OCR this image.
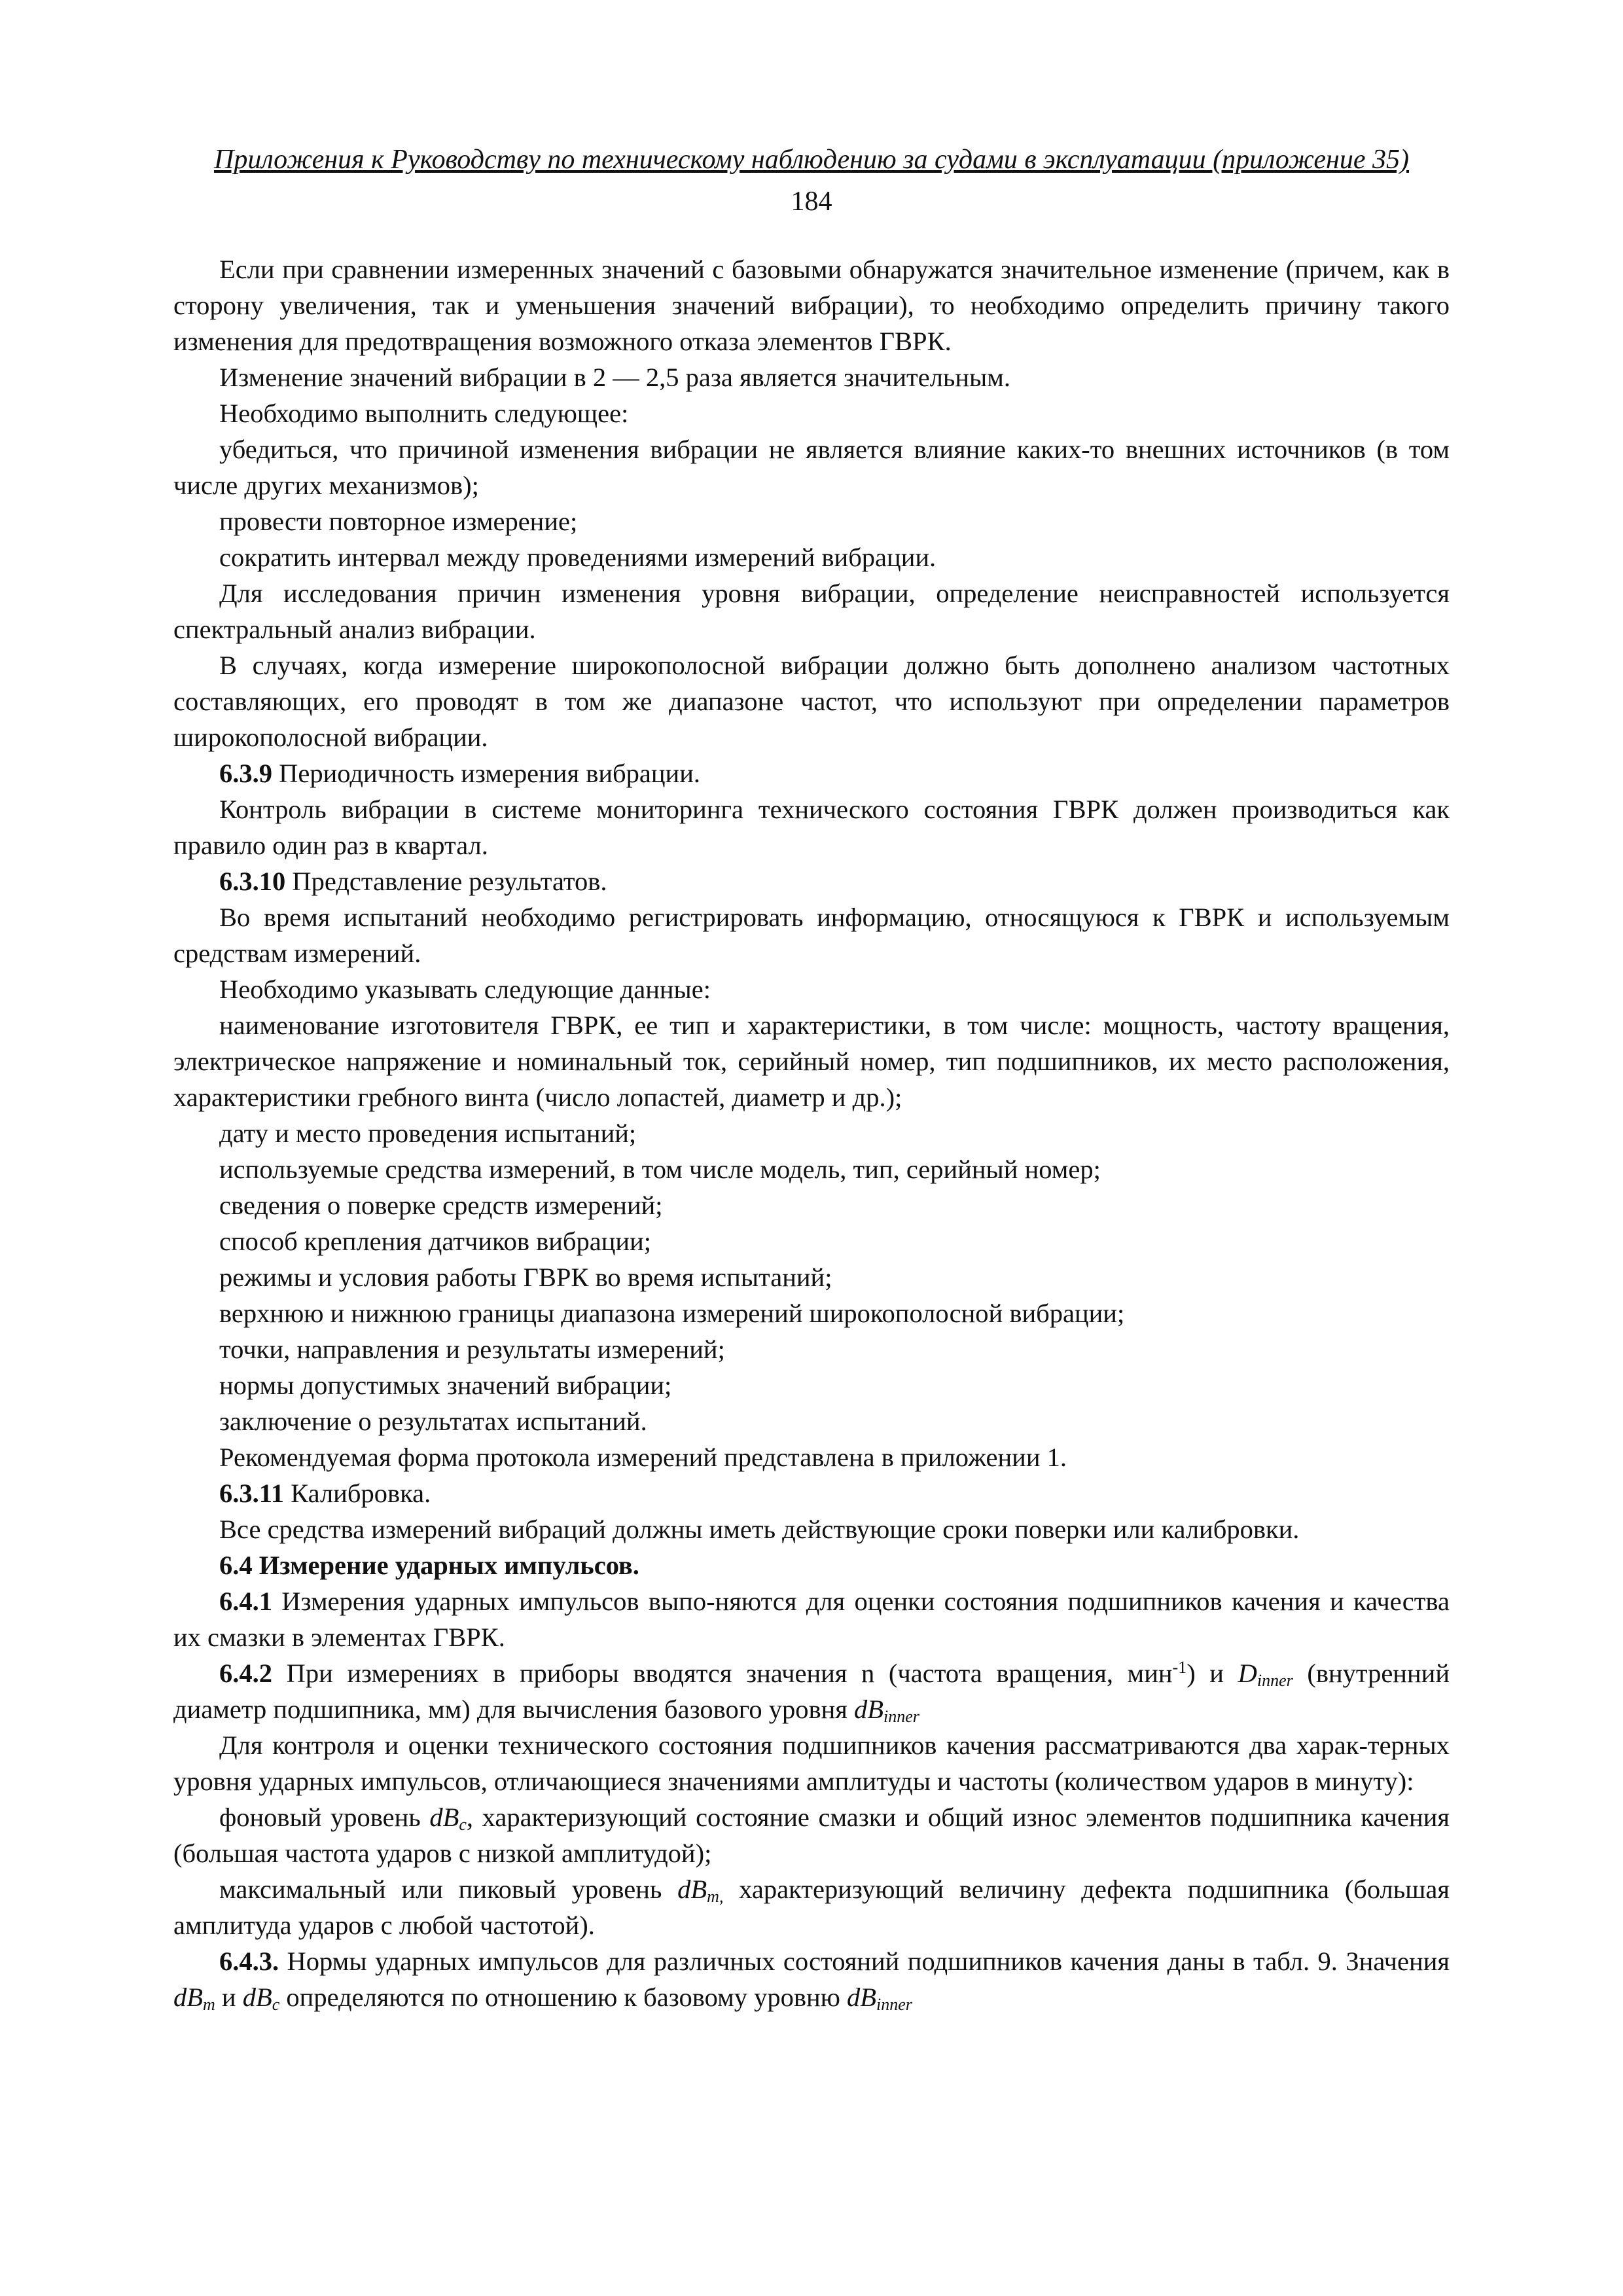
Приложения к Руководству по техническому наблюдению за судами в эксплуатации (приложение 35)
184

Если при сравнении измеренных значений с базовыми обнаружатся значительное изменение (причем, как в сторону увеличения, так и уменьшения значений вибрации), то необходимо определить причину такого изменения для предотвращения возможного отказа элементов ГВРК.

Изменение значений вибрации в 2 — 2,5 раза является значительным.

Необходимо выполнить следующее:

убедиться, что причиной изменения вибрации не является влияние каких-то внешних источников (в том числе других механизмов);

провести повторное измерение;

сократить интервал между проведениями измерений вибрации.

Для исследования причин изменения уровня вибрации, определение неисправностей используется спектральный анализ вибрации.

В случаях, когда измерение широкополосной вибрации должно быть дополнено анализом частотных составляющих, его проводят в том же диапазоне частот, что используют при определении параметров широкополосной вибрации.

6.3.9 Периодичность измерения вибрации.

Контроль вибрации в системе мониторинга технического состояния ГВРК должен производиться как правило один раз в квартал.

6.3.10 Представление результатов.

Во время испытаний необходимо регистрировать информацию, относящуюся к ГВРК и используемым средствам измерений.

Необходимо указывать следующие данные:

наименование изготовителя ГВРК, ее тип и характеристики, в том числе: мощность, частоту вращения, электрическое напряжение и номинальный ток, серийный номер, тип подшипников, их место расположения, характеристики гребного винта (число лопастей, диаметр и др.);

дату и место проведения испытаний;

используемые средства измерений, в том числе модель, тип, серийный номер;

сведения о поверке средств измерений;

способ крепления датчиков вибрации;

режимы и условия работы ГВРК во время испытаний;

верхнюю и нижнюю границы диапазона измерений широкополосной вибрации;

точки, направления и результаты измерений;

нормы допустимых значений вибрации;

заключение о результатах испытаний.

Рекомендуемая форма протокола измерений представлена в приложении 1.

6.3.11 Калибровка.

Все средства измерений вибраций должны иметь действующие сроки поверки или калибровки.

6.4 Измерение ударных импульсов.

6.4.1 Измерения ударных импульсов выпо-няются для оценки состояния подшипников качения и качества их смазки в элементах ГВРК.

6.4.2 При измерениях в приборы вводятся значения n (частота вращения, мин$^{-1}$) и $D_{inner}$ (внутренний диаметр подшипника, мм) для вычисления базового уровня $dB_{inner}$

Для контроля и оценки технического состояния подшипников качения рассматриваются два харак-терных уровня ударных импульсов, отличающиеся значениями амплитуды и частоты (количеством ударов в минуту):

фоновый уровень $dB_c$, характеризующий состояние смазки и общий износ элементов подшипника качения (большая частота ударов с низкой амплитудой);

максимальный или пиковый уровень $dB_{m,}$ характеризующий величину дефекта подшипника (большая амплитуда ударов с любой частотой).

6.4.3. Нормы ударных импульсов для различных состояний подшипников качения даны в табл. 9. Значения $dB_m$ и $dB_c$ определяются по отношению к базовому уровню $dB_{inner}$
